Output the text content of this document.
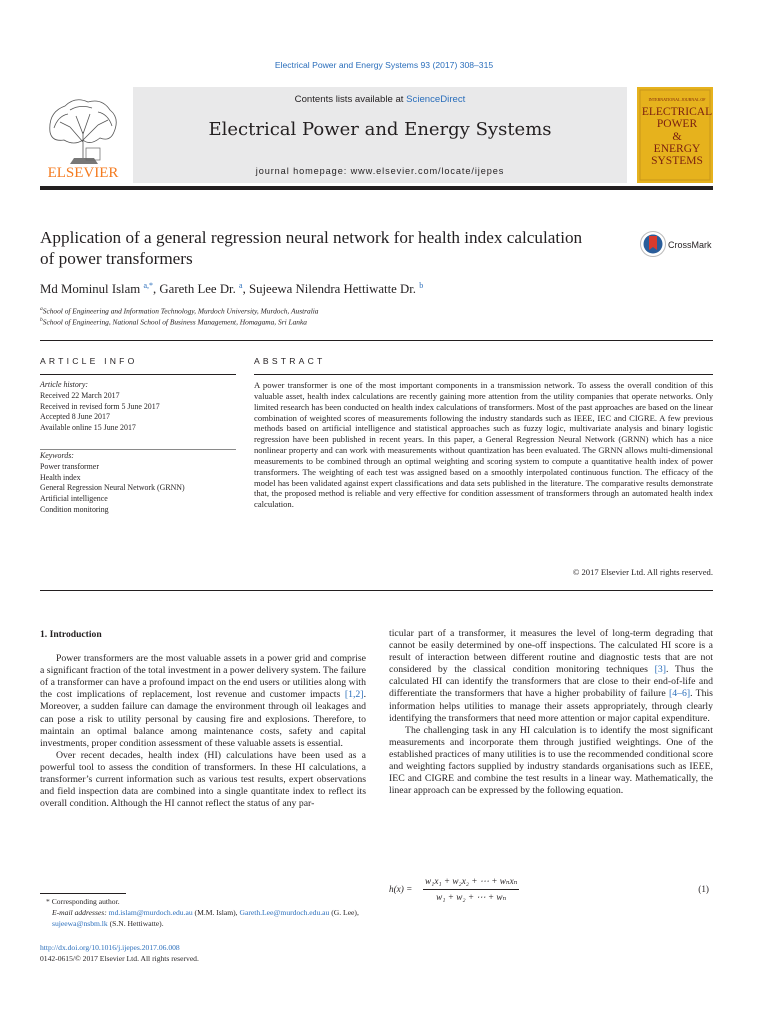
Electrical Power and Energy Systems 93 (2017) 308–315
ELSEVIER
Contents lists available at ScienceDirect
Electrical Power and Energy Systems
journal homepage: www.elsevier.com/locate/ijepes
INTERNATIONAL JOURNAL OF
ELECTRICAL
POWER
&
ENERGY
SYSTEMS
Application of a general regression neural network for health index calculation of power transformers
CrossMark
Md Mominul Islam $^{a,*}$, Gareth Lee Dr. $^a$, Sujeewa Nilendra Hettiwatte Dr. $^b$
$^a$School of Engineering and Information Technology, Murdoch University, Murdoch, Australia
$^b$School of Engineering, National School of Business Management, Homagama, Sri Lanka
ARTICLE INFO
Article history:
Received 22 March 2017
Received in revised form 5 June 2017
Accepted 8 June 2017
Available online 15 June 2017
Keywords:
Power transformer
Health index
General Regression Neural Network (GRNN)
Artificial intelligence
Condition monitoring
ABSTRACT
A power transformer is one of the most important components in a transmission network. To assess the overall condition of this valuable asset, health index calculations are recently gaining more attention from the utility companies that operate networks. Only limited research has been conducted on health index calculations of transformers. Most of the past approaches are based on the linear combination of weighted scores of measurements following the industry standards such as IEEE, IEC and CIGRE. A few previous methods based on artificial intelligence and statistical approaches such as fuzzy logic, multivariate analysis and binary logistic regression have been published in recent years. In this paper, a General Regression Neural Network (GRNN) which has a nice nonlinear property and can work with measurements without quantization has been evaluated. The GRNN allows multi-dimensional measurements to be combined through an optimal weighting and scoring system to compute a quantitative health index of power transformers. The weighting of each test was assigned based on a smoothly interpolated continuous function. The efficacy of the model has been validated against expert classifications and data sets published in the literature. The comparative results demonstrate that, the proposed method is reliable and very effective for condition assessment of transformers through an automated health index calculation.
© 2017 Elsevier Ltd. All rights reserved.
1. Introduction

Power transformers are the most valuable assets in a power grid and comprise a significant fraction of the total investment in a power delivery system. The failure of a transformer can have a profound impact on the end users or utilities along with the cost implications of replacement, lost revenue and customer impacts [1,2]. Moreover, a sudden failure can damage the environment through oil leakages and can pose a risk to utility personal by causing fire and explosions. Therefore, to maintain an optimal balance among maintenance costs, safety and capital investments, proper condition assessment of these valuable assets is essential.

Over recent decades, health index (HI) calculations have been used as a powerful tool to assess the condition of transformers. In these HI calculations, a transformer’s current information such as various test results, expert observations and field inspection data are combined into a single quantitate index to reflect its overall condition. Although the HI cannot reflect the status of any par-

ticular part of a transformer, it measures the level of long-term degrading that cannot be easily determined by one-off inspections. The calculated HI score is a result of interaction between different routine and diagnostic tests that are not considered by the classical condition monitoring techniques [3]. Thus the calculated HI can identify the transformers that are close to their end-of-life and differentiate the transformers that have a higher probability of failure [4–6]. This information helps utilities to manage their assets appropriately, through clearly identifying the transformers that need more attention or major capital expenditure.

The challenging task in any HI calculation is to identify the most significant measurements and incorporate them through justified weightings. One of the established practices of many utilities is to use the recommended conditional score and weighting factors supplied by industry standards organisations such as IEEE, IEC and CIGRE and combine the test results in a linear way. Mathematically, the linear approach can be expressed by the following equation.

h(x) =
w₁x₁ + w₂x₂ + ⋯ + wₙxₙ
w₁ + w₂ + ⋯ + wₙ
(1)
* Corresponding author.
E-mail addresses: md.islam@murdoch.edu.au (M.M. Islam), Gareth.Lee@murdoch.edu.au (G. Lee), sujeewa@nsbm.lk (S.N. Hettiwatte).
http://dx.doi.org/10.1016/j.ijepes.2017.06.008
0142-0615/© 2017 Elsevier Ltd. All rights reserved.
